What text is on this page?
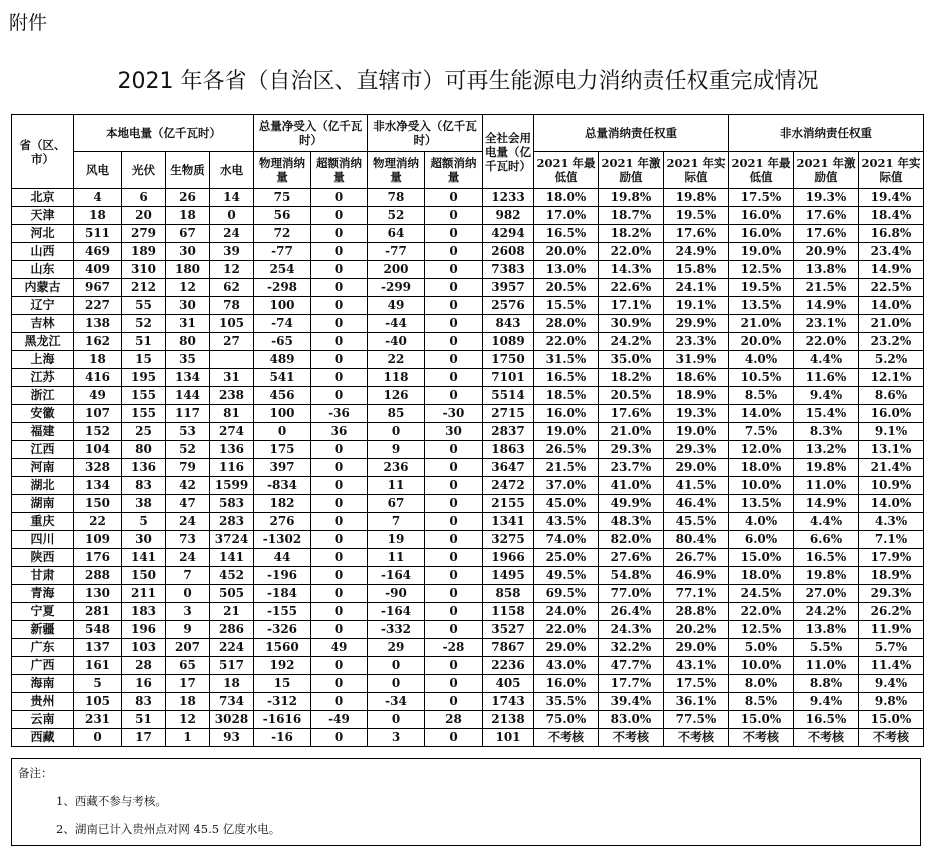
附件
2021 年各省（自治区、直辖市）可再生能源电力消纳责任权重完成情况
省（区、市）	本地电量（亿千瓦时）				总量净受入（亿千瓦时）		非水净受入（亿千瓦时）		全社会用电量（亿千瓦时）	总量消纳责任权重			非水消纳责任权重		
	风电	光伏	生物质	水电	物理消纳量	超额消纳量	物理消纳量	超额消纳量		2021 年最低值	2021 年激励值	2021 年实际值	2021 年最低值	2021 年激励值	2021 年实际值
北京	4	6	26	14	75	0	78	0	1233	18.0%	19.8%	19.8%	17.5%	19.3%	19.4%
天津	18	20	18	0	56	0	52	0	982	17.0%	18.7%	19.5%	16.0%	17.6%	18.4%
河北	511	279	67	24	72	0	64	0	4294	16.5%	18.2%	17.6%	16.0%	17.6%	16.8%
山西	469	189	30	39	-77	0	-77	0	2608	20.0%	22.0%	24.9%	19.0%	20.9%	23.4%
山东	409	310	180	12	254	0	200	0	7383	13.0%	14.3%	15.8%	12.5%	13.8%	14.9%
内蒙古	967	212	12	62	-298	0	-299	0	3957	20.5%	22.6%	24.1%	19.5%	21.5%	22.5%
辽宁	227	55	30	78	100	0	49	0	2576	15.5%	17.1%	19.1%	13.5%	14.9%	14.0%
吉林	138	52	31	105	-74	0	-44	0	843	28.0%	30.9%	29.9%	21.0%	23.1%	21.0%
黑龙江	162	51	80	27	-65	0	-40	0	1089	22.0%	24.2%	23.3%	20.0%	22.0%	23.2%
上海	18	15	35		489	0	22	0	1750	31.5%	35.0%	31.9%	4.0%	4.4%	5.2%
江苏	416	195	134	31	541	0	118	0	7101	16.5%	18.2%	18.6%	10.5%	11.6%	12.1%
浙江	49	155	144	238	456	0	126	0	5514	18.5%	20.5%	18.9%	8.5%	9.4%	8.6%
安徽	107	155	117	81	100	-36	85	-30	2715	16.0%	17.6%	19.3%	14.0%	15.4%	16.0%
福建	152	25	53	274	0	36	0	30	2837	19.0%	21.0%	19.0%	7.5%	8.3%	9.1%
江西	104	80	52	136	175	0	9	0	1863	26.5%	29.3%	29.3%	12.0%	13.2%	13.1%
河南	328	136	79	116	397	0	236	0	3647	21.5%	23.7%	29.0%	18.0%	19.8%	21.4%
湖北	134	83	42	1599	-834	0	11	0	2472	37.0%	41.0%	41.5%	10.0%	11.0%	10.9%
湖南	150	38	47	583	182	0	67	0	2155	45.0%	49.9%	46.4%	13.5%	14.9%	14.0%
重庆	22	5	24	283	276	0	7	0	1341	43.5%	48.3%	45.5%	4.0%	4.4%	4.3%
四川	109	30	73	3724	-1302	0	19	0	3275	74.0%	82.0%	80.4%	6.0%	6.6%	7.1%
陕西	176	141	24	141	44	0	11	0	1966	25.0%	27.6%	26.7%	15.0%	16.5%	17.9%
甘肃	288	150	7	452	-196	0	-164	0	1495	49.5%	54.8%	46.9%	18.0%	19.8%	18.9%
青海	130	211	0	505	-184	0	-90	0	858	69.5%	77.0%	77.1%	24.5%	27.0%	29.3%
宁夏	281	183	3	21	-155	0	-164	0	1158	24.0%	26.4%	28.8%	22.0%	24.2%	26.2%
新疆	548	196	9	286	-326	0	-332	0	3527	22.0%	24.3%	20.2%	12.5%	13.8%	11.9%
广东	137	103	207	224	1560	49	29	-28	7867	29.0%	32.2%	29.0%	5.0%	5.5%	5.7%
广西	161	28	65	517	192	0	0	0	2236	43.0%	47.7%	43.1%	10.0%	11.0%	11.4%
海南	5	16	17	18	15	0	0	0	405	16.0%	17.7%	17.5%	8.0%	8.8%	9.4%
贵州	105	83	18	734	-312	0	-34	0	1743	35.5%	39.4%	36.1%	8.5%	9.4%	9.8%
云南	231	51	12	3028	-1616	-49	0	28	2138	75.0%	83.0%	77.5%	15.0%	16.5%	15.0%
西藏	0	17	1	93	-16	0	3	0	101	不考核	不考核	不考核	不考核	不考核	不考核
备注：
1、西藏不参与考核。
2、湖南已计入贵州点对网 45.5 亿度水电。
